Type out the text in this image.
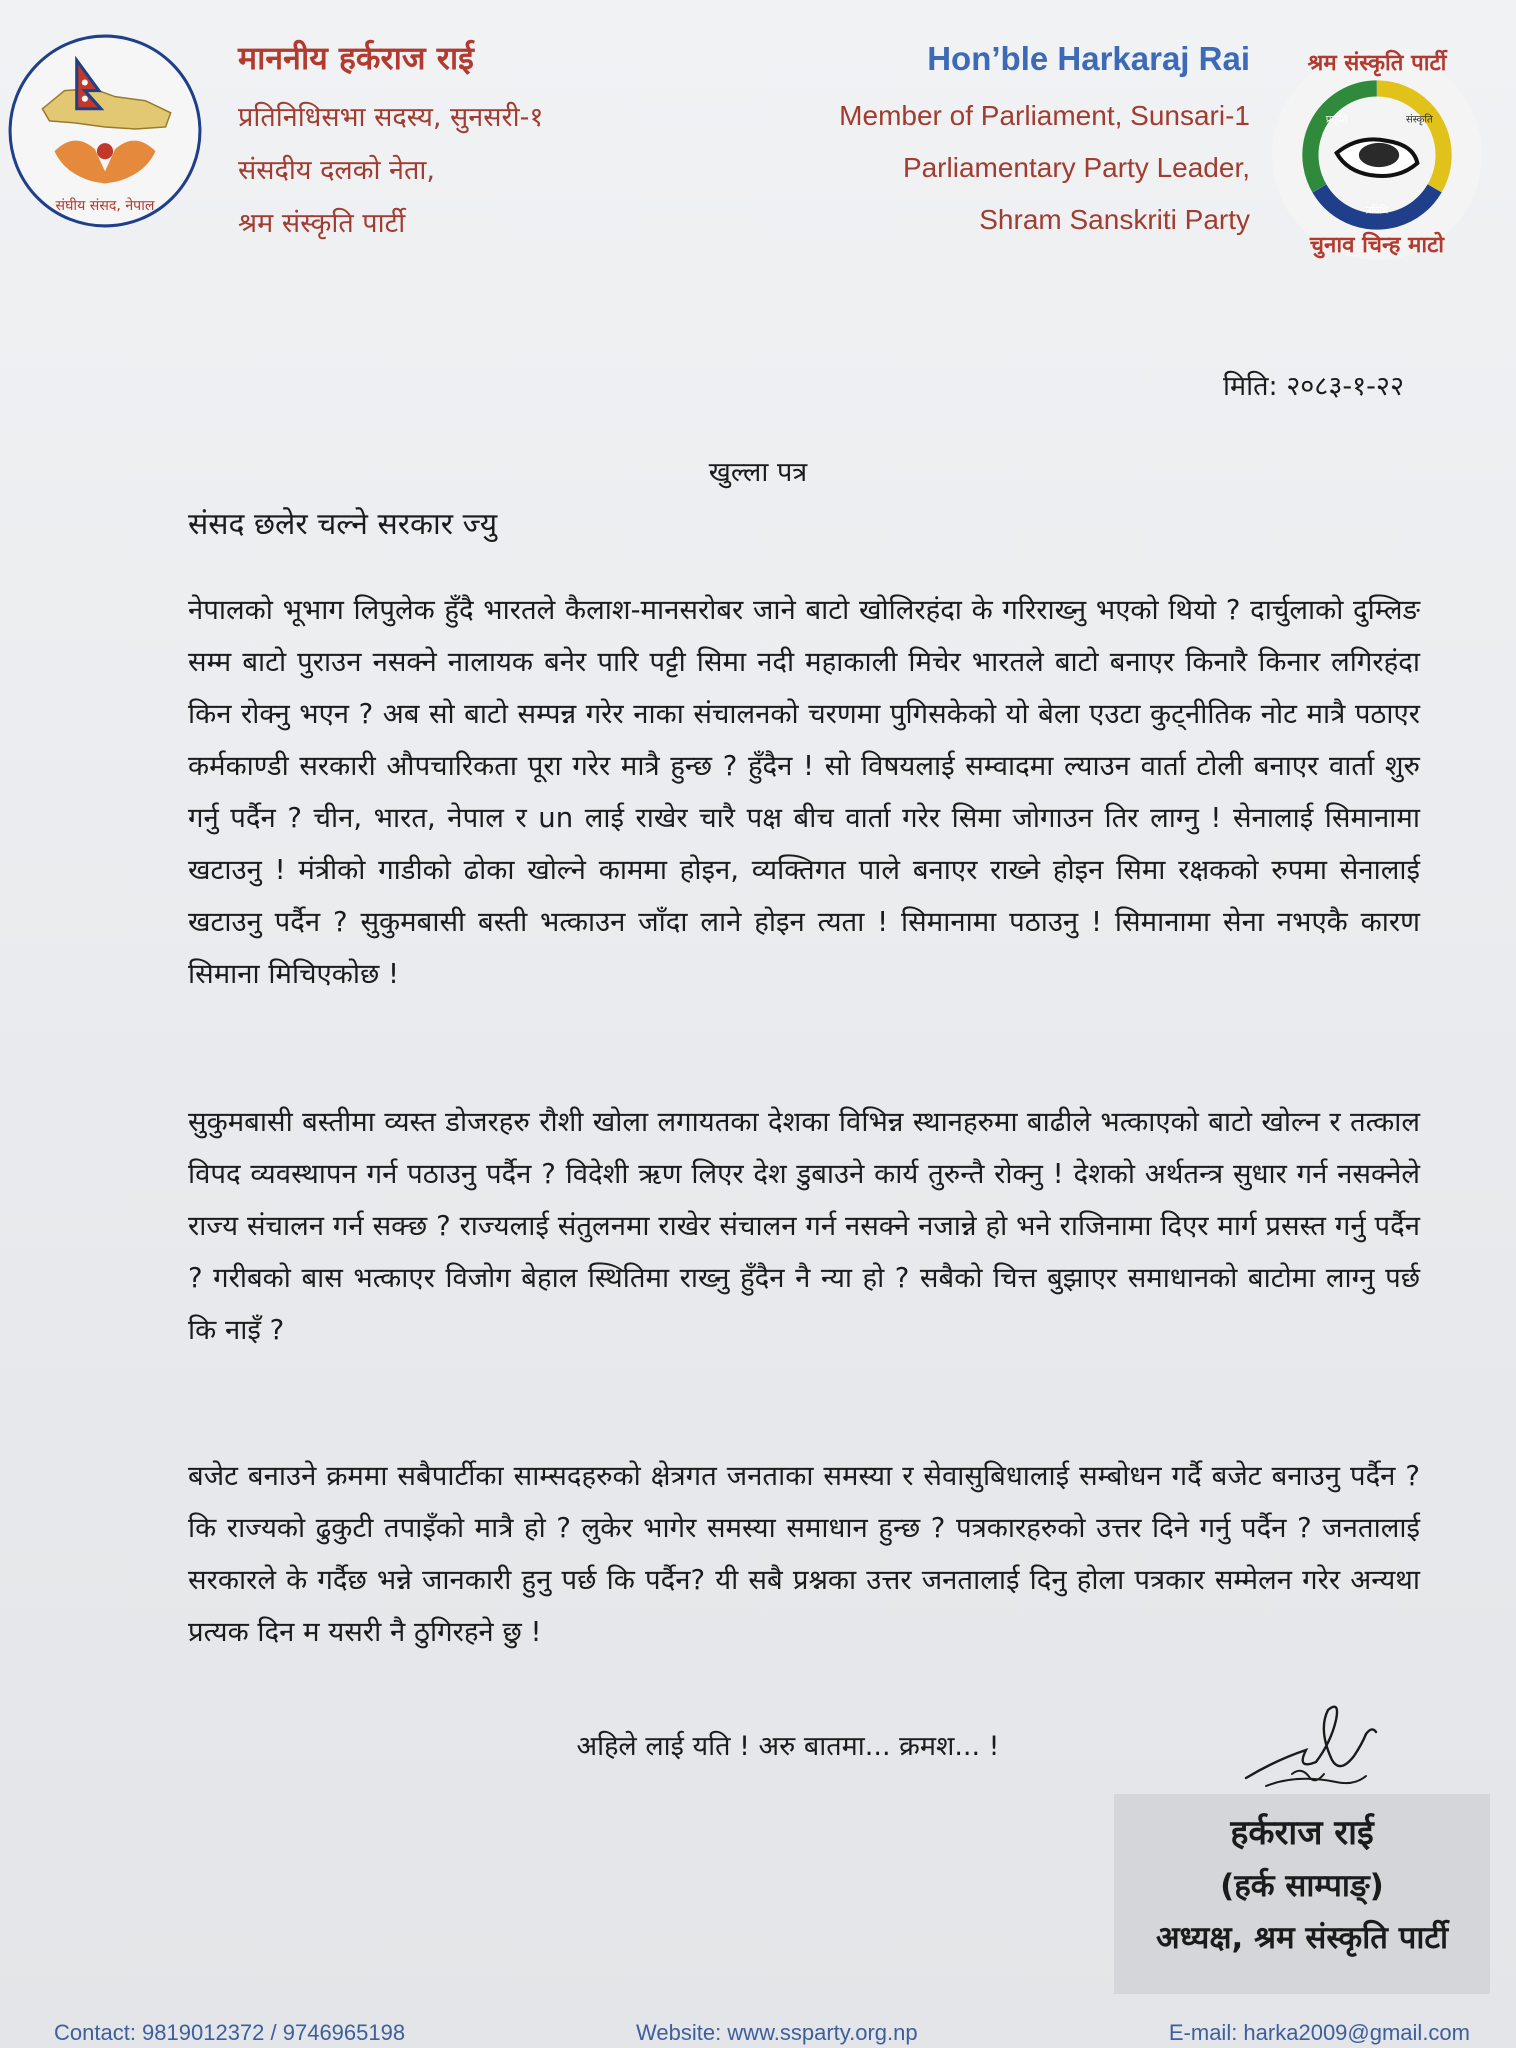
संघीय संसद, नेपाल
माननीय हर्कराज राई
प्रतिनिधिसभा सदस्य, सुनसरी-१
संसदीय दलको नेता,
श्रम संस्कृति पार्टी
Hon’ble Harkaraj Rai
Member of Parliament, Sunsari-1
Parliamentary Party Leader,
Shram Sanskriti Party
श्रम संस्कृति पार्टी
चुनाव चिन्ह माटो
प्रकृति	संस्कृति
प्रविधि
मिति: २०८३-१-२२
खुल्ला पत्र
संसद छलेर चल्ने सरकार ज्यु
नेपालको भूभाग लिपुलेक हुँदै भारतले कैलाश-मानसरोबर जाने बाटो खोलिरहंदा के गरिराख्नु भएको थियो ? दार्चुलाको दुम्लिङ सम्म बाटो पुराउन नसक्ने नालायक बनेर पारि पट्टी सिमा नदी महाकाली मिचेर भारतले बाटो बनाएर किनारै किनार लगिरहंदा किन रोक्नु भएन ? अब सो बाटो सम्पन्न गरेर नाका संचालनको चरणमा पुगिसकेको यो बेला एउटा कुट्नीतिक नोट मात्रै पठाएर कर्मकाण्डी सरकारी औपचारिकता पूरा गरेर मात्रै हुन्छ ? हुँदैन ! सो विषयलाई सम्वादमा ल्याउन वार्ता टोली बनाएर वार्ता शुरु गर्नु पर्दैन ? चीन, भारत, नेपाल र un लाई राखेर चारै पक्ष बीच वार्ता गरेर सिमा जोगाउन तिर लाग्नु ! सेनालाई सिमानामा खटाउनु ! मंत्रीको गाडीको ढोका खोल्ने काममा होइन, व्यक्तिगत पाले बनाएर राख्ने होइन सिमा रक्षकको रुपमा सेनालाई खटाउनु पर्दैन ? सुकुमबासी बस्ती भत्काउन जाँदा लाने होइन त्यता ! सिमानामा पठाउनु ! सिमानामा सेना नभएकै कारण सिमाना मिचिएकोछ !
सुकुमबासी बस्तीमा व्यस्त डोजरहरु रौशी खोला लगायतका देशका विभिन्न स्थानहरुमा बाढीले भत्काएको बाटो खोल्न र तत्काल विपद व्यवस्थापन गर्न पठाउनु पर्दैन ? विदेशी ऋण लिएर देश डुबाउने कार्य तुरुन्तै रोक्नु ! देशको अर्थतन्त्र सुधार गर्न नसक्नेले राज्य संचालन गर्न सक्छ ? राज्यलाई संतुलनमा राखेर संचालन गर्न नसक्ने नजान्ने हो भने राजिनामा दिएर मार्ग प्रसस्त गर्नु पर्दैन ? गरीबको बास भत्काएर विजोग बेहाल स्थितिमा राख्नु हुँदैन नै न्या हो ? सबैको चित्त बुझाएर समाधानको बाटोमा लाग्नु पर्छ कि नाइँ ?
बजेट बनाउने क्रममा सबैपार्टीका साम्सदहरुको क्षेत्रगत जनताका समस्या र सेवासुबिधालाई सम्बोधन गर्दै बजेट बनाउनु पर्दैन ? कि राज्यको ढुकुटी तपाइँको मात्रै हो ? लुकेर भागेर समस्या समाधान हुन्छ ? पत्रकारहरुको उत्तर दिने गर्नु पर्दैन ? जनतालाई सरकारले के गर्दैछ भन्ने जानकारी हुनु पर्छ कि पर्दैन? यी सबै प्रश्नका उत्तर जनतालाई दिनु होला पत्रकार सम्मेलन गरेर अन्यथा प्रत्यक दिन म यसरी नै ठुगिरहने छु !
अहिले लाई यति ! अरु बातमा... क्रमश... !
हर्कराज राई
(हर्क साम्पाङ्)
अध्यक्ष, श्रम संस्कृति पार्टी
Contact: 9819012372 / 9746965198	Website: www.ssparty.org.np	E-mail: harka2009@gmail.com
